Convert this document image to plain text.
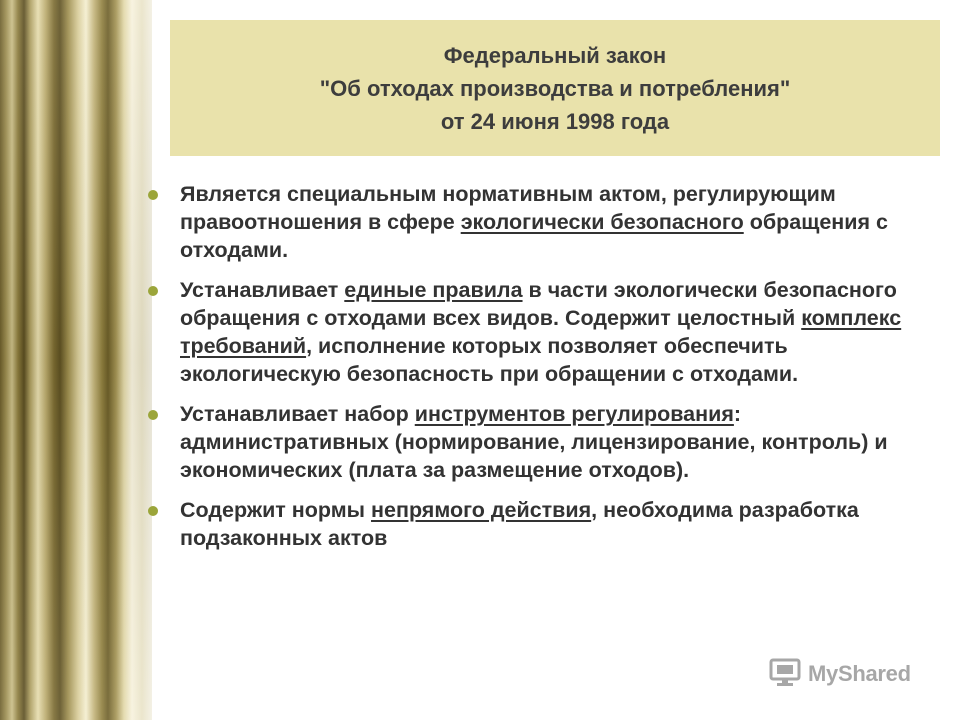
Федеральный закон
"Об отходах производства и потребления"
от 24 июня 1998 года
Является специальным нормативным актом, регулирующим правоотношения в сфере экологически безопасного обращения с отходами.
Устанавливает единые правила в части экологически безопасного обращения с отходами всех видов. Содержит целостный комплекс требований, исполнение которых позволяет обеспечить экологическую безопасность при обращении с отходами.
Устанавливает набор инструментов регулирования: административных (нормирование, лицензирование, контроль) и экономических (плата за размещение отходов).
Содержит нормы непрямого действия, необходима разработка подзаконных актов
MyShared
